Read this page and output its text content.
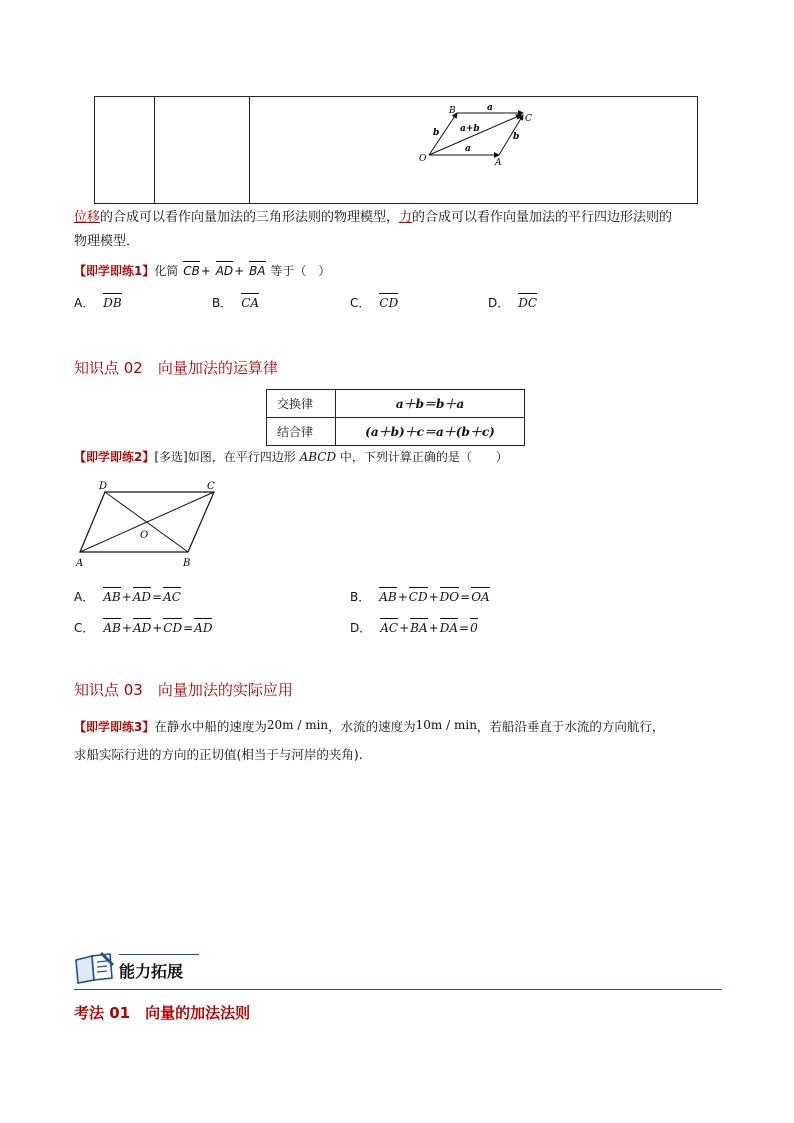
B
C
O	A
a
a
b	b
a+b
位移的合成可以看作向量加法的三角形法则的物理模型，力的合成可以看作向量加法的平行四边形法则的
物理模型．
【即学即练1】化简 CB+ AD+ BA 等于（　）
A． DB	B． CA	C． CD	D． DC
知识点 02　向量加法的运算律
交换律	a＋b＝b＋a
结合律	(a＋b)＋c＝a＋(b＋c)
【即学即练2】[多选]如图，在平行四边形 ABCD 中，下列计算正确的是（　　）
D	C
O
A	B
A． AB+AD=AC	B． AB+CD+DO=OA
C． AB+AD+CD=AD	D． AC+BA+DA=0
知识点 03　向量加法的实际应用
【即学即练3】在静水中船的速度为20m / min，水流的速度为10m / min，若船沿垂直于水流的方向航行，
求船实际行进的方向的正切值(相当于与河岸的夹角)．
能力拓展
考法 01　向量的加法法则
